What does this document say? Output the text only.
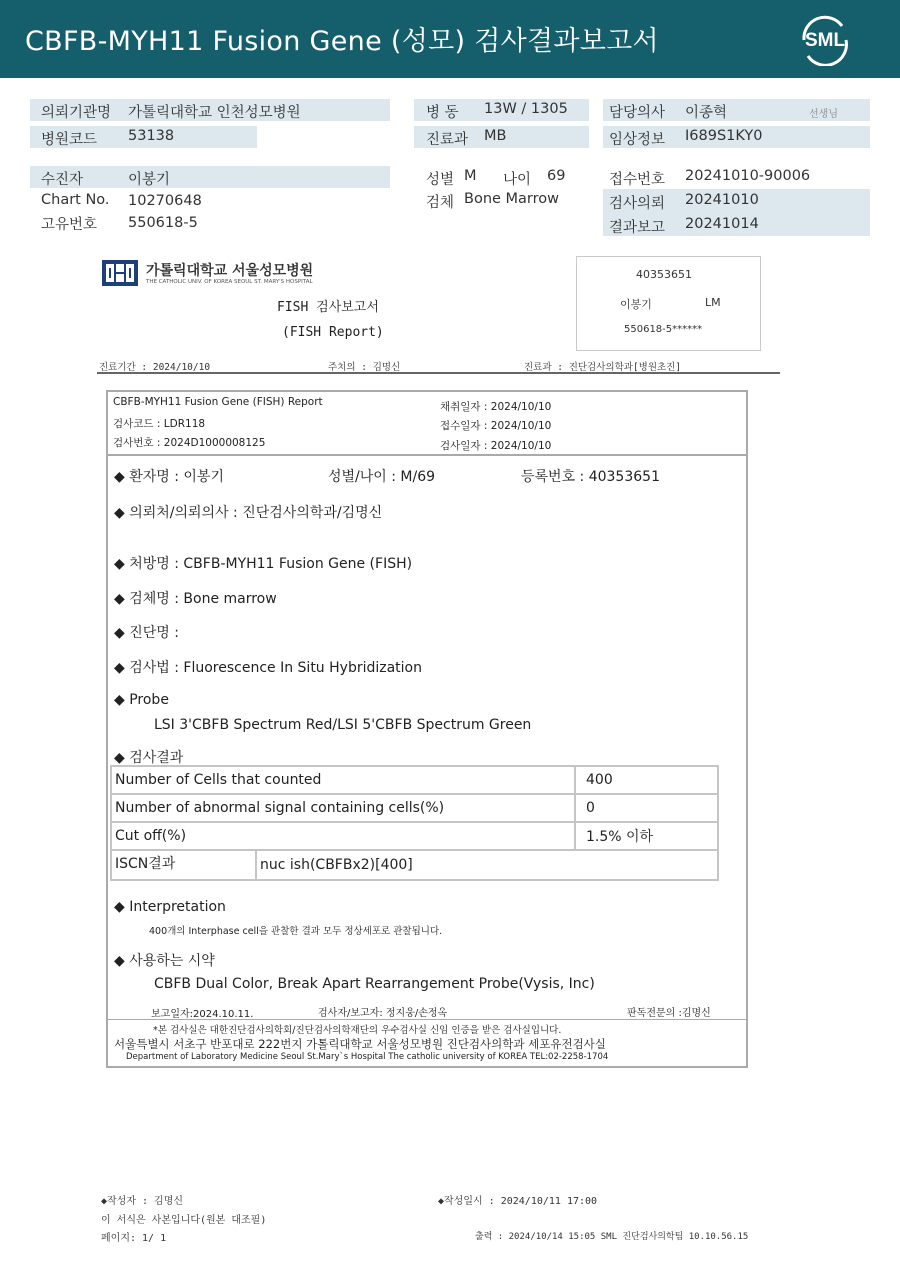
CBFB-MYH11 Fusion Gene (성모) 검사결과보고서	SML
의뢰기관명 가톨릭대학교 인천성모병원	병 동 13W / 1305	담당의사 이종혁	선생님
병원코드 53138	진료과 MB	임상정보 I689S1KY0
수진자	이봉기	성별 M 나이 69	접수번호 20241010-90006
Chart No. 10270648	검체 Bone Marrow	검사의뢰 20241010
고유번호 550618-5	결과보고 20241014
가톨릭대학교 서울성모병원
THE CATHOLIC UNIV. OF KOREA SEOUL ST. MARY'S HOSPITAL
FISH 검사보고서
(FISH Report)
40353651
이봉기	LM
550618-5******
진료기간 : 2024/10/10	주치의 : 김명신	진료과 : 진단검사의학과[병원초진]
CBFB-MYH11 Fusion Gene (FISH) Report
검사코드 : LDR118
검사번호 : 2024D1000008125
채취일자 : 2024/10/10
접수일자 : 2024/10/10
검사일자 : 2024/10/10
◆ 환자명 : 이봉기	성별/나이 : M/69	등록번호 : 40353651
◆ 의뢰처/의뢰의사 : 진단검사의학과/김명신
◆ 처방명 : CBFB-MYH11 Fusion Gene (FISH)
◆ 검체명 : Bone marrow
◆ 진단명 :
◆ 검사법 : Fluorescence In Situ Hybridization
◆ Probe
LSI 3'CBFB Spectrum Red/LSI 5'CBFB Spectrum Green
◆ 검사결과
Number of Cells that counted	400
Number of abnormal signal containing cells(%)	0
Cut off(%)	1.5% 이하

ISCN결과 nuc ish(CBFBx2)[400]	
◆ Interpretation
400개의 Interphase cell을 관찰한 결과 모두 정상세포로 관찰됩니다.
◆ 사용하는 시약
CBFB Dual Color, Break Apart Rearrangement Probe(Vysis, Inc)
보고일자:2024.10.11.	검사자/보고자: 정지웅/손정옥	판독전문의 :김명신
*본 검사실은 대한진단검사의학회/진단검사의학재단의 우수검사실 신임 인증을 받은 검사실입니다.
서울특별시 서초구 반포대로 222번지 가톨릭대학교 서울성모병원 진단검사의학과 세포유전검사실
Department of Laboratory Medicine Seoul St.Mary`s Hospital The catholic university of KOREA TEL:02-2258-1704
◆작성자 : 김명신	◆작성일시 : 2024/10/11 17:00
이 서식은 사본입니다(원본 대조필)
페이지: 1/ 1	출력 : 2024/10/14 15:05 SML 진단검사의학팀 10.10.56.15
